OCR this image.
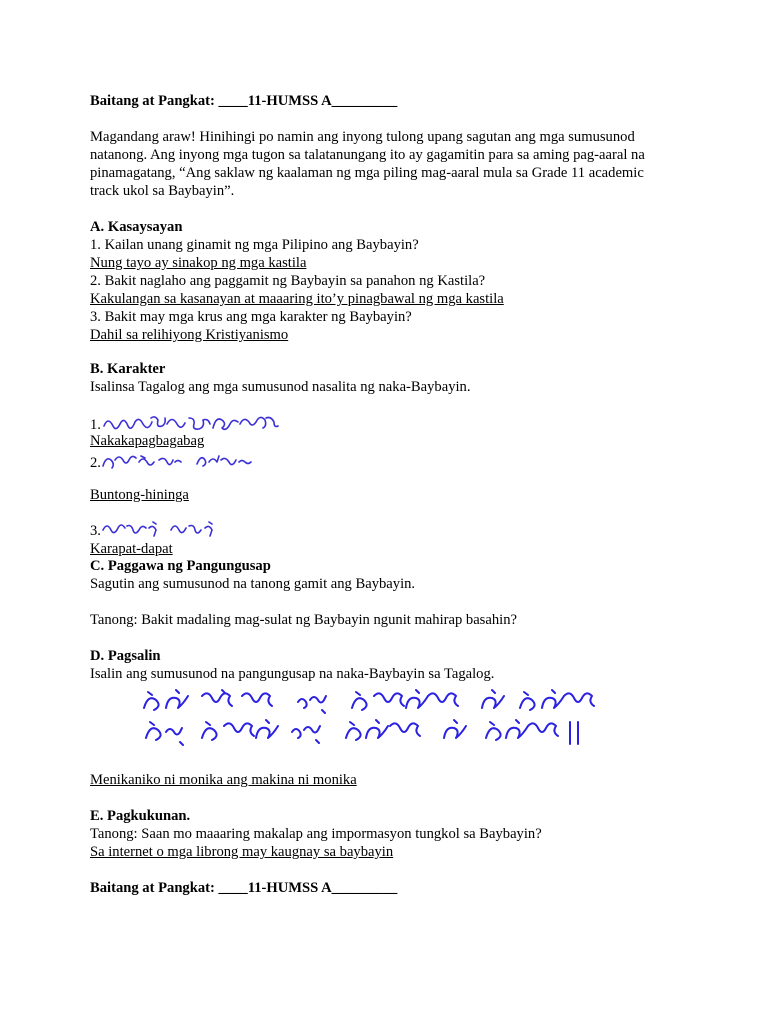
Baitang at Pangkat: ____11-HUMSS A_________
Magandang araw! Hinihingi po namin ang inyong tulong upang sagutan ang mga sumusunod
natanong. Ang inyong mga tugon sa talatanungang ito ay gagamitin para sa aming pag-aaral na
pinamagatang, “Ang saklaw ng kaalaman ng mga piling mag-aaral mula sa Grade 11 academic
track ukol sa Baybayin”.
A. Kasaysayan
1. Kailan unang ginamit ng mga Pilipino ang Baybayin?
Nung tayo ay sinakop ng mga kastila
2. Bakit naglaho ang paggamit ng Baybayin sa panahon ng Kastila?
Kakulangan sa kasanayan at maaaring ito’y pinagbawal ng mga kastila
3. Bakit may mga krus ang mga karakter ng Baybayin?
Dahil sa relihiyong Kristiyanismo
B. Karakter
Isalinsa Tagalog ang mga sumusunod nasalita ng naka-Baybayin.
1.
Nakakapagbagabag
2.
Buntong-hininga
3.
Karapat-dapat
C. Paggawa ng Pangungusap
Sagutin ang sumusunod na tanong gamit ang Baybayin.
Tanong: Bakit madaling mag-sulat ng Baybayin ngunit mahirap basahin?
D. Pagsalin
Isalin ang sumusunod na pangungusap na naka-Baybayin sa Tagalog.
Menikaniko ni monika ang makina ni monika
E. Pagkukunan.
Tanong: Saan mo maaaring makalap ang impormasyon tungkol sa Baybayin?
Sa internet o mga librong may kaugnay sa baybayin
Baitang at Pangkat: ____11-HUMSS A_________
